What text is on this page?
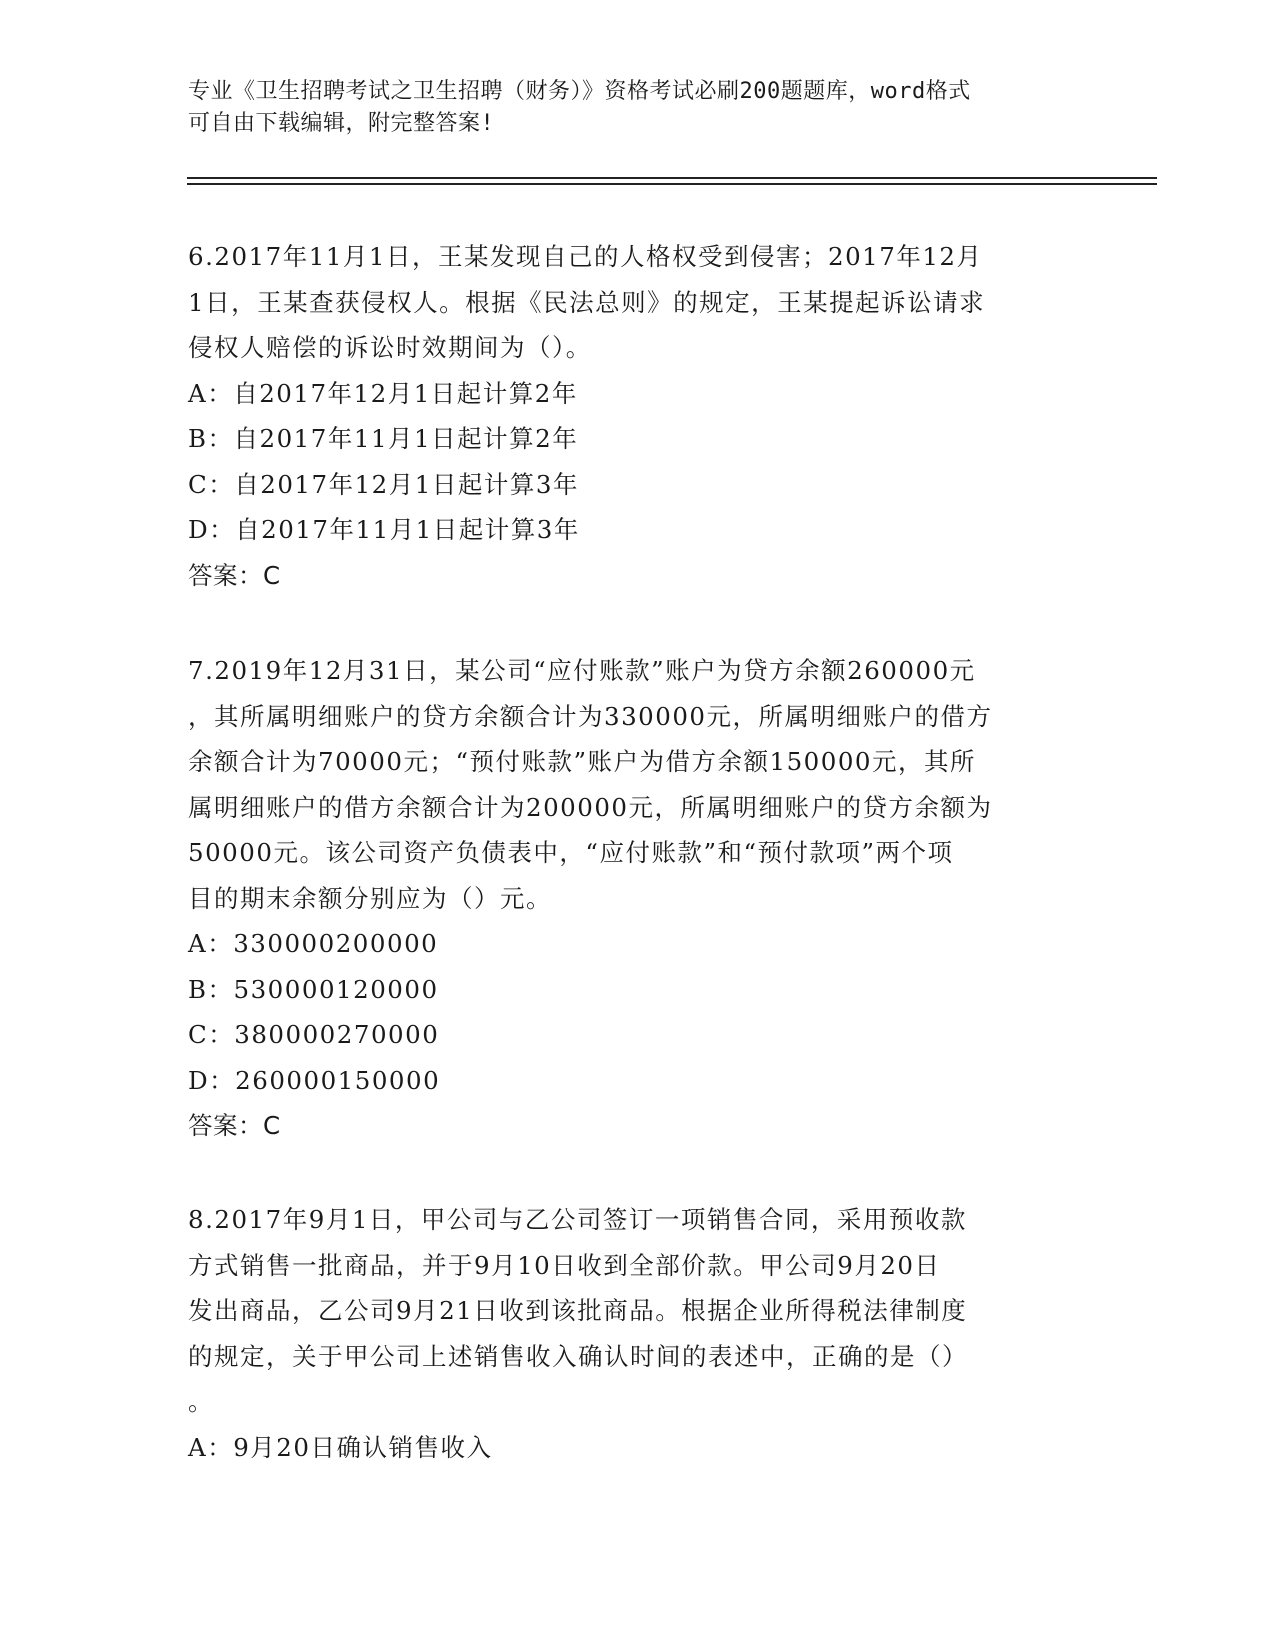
专业《卫生招聘考试之卫生招聘（财务）》资格考试必刷200题题库，word格式
可自由下载编辑，附完整答案!
6.2017年11月1日，王某发现自己的人格权受到侵害；2017年12月
1日，王某查获侵权人。根据《民法总则》的规定，王某提起诉讼请求
侵权人赔偿的诉讼时效期间为（）。
A：自2017年12月1日起计算2年
B：自2017年11月1日起计算2年
C：自2017年12月1日起计算3年
D：自2017年11月1日起计算3年
答案：C
7.2019年12月31日，某公司“应付账款”账户为贷方余额260000元
，其所属明细账户的贷方余额合计为330000元，所属明细账户的借方
余额合计为70000元；“预付账款”账户为借方余额150000元，其所
属明细账户的借方余额合计为200000元，所属明细账户的贷方余额为
50000元。该公司资产负债表中，“应付账款”和“预付款项”两个项
目的期末余额分别应为（）元。
A：330000200000
B：530000120000
C：380000270000
D：260000150000
答案：C
8.2017年9月1日，甲公司与乙公司签订一项销售合同，采用预收款
方式销售一批商品，并于9月10日收到全部价款。甲公司9月20日
发出商品，乙公司9月21日收到该批商品。根据企业所得税法律制度
的规定，关于甲公司上述销售收入确认时间的表述中，正确的是（）
。
A：9月20日确认销售收入
